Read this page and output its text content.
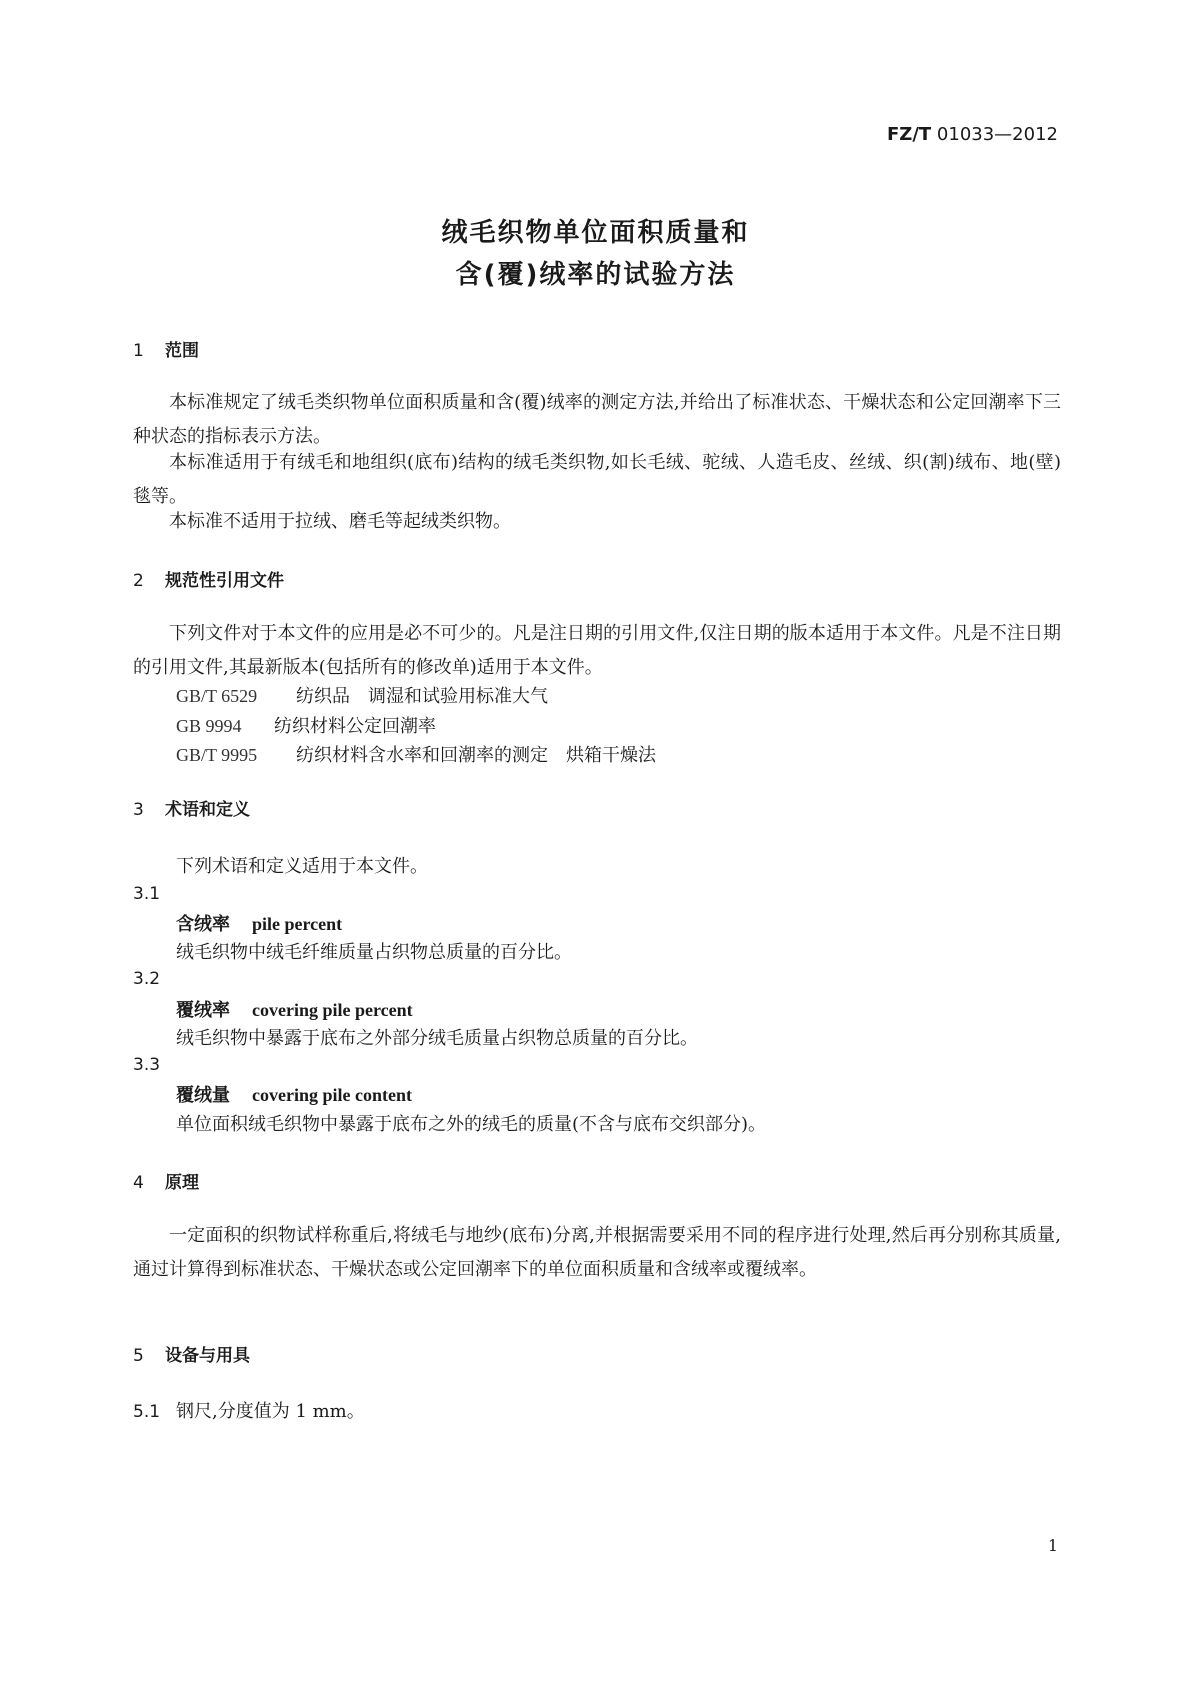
FZ/T 01033—2012
绒毛织物单位面积质量和
含(覆)绒率的试验方法
1 范围
本标准规定了绒毛类织物单位面积质量和含(覆)绒率的测定方法,并给出了标准状态、干燥状态和公定回潮率下三种状态的指标表示方法。
本标准适用于有绒毛和地组织(底布)结构的绒毛类织物,如长毛绒、驼绒、人造毛皮、丝绒、织(割)绒布、地(壁)毯等。
本标准不适用于拉绒、磨毛等起绒类织物。
2 规范性引用文件
下列文件对于本文件的应用是必不可少的。凡是注日期的引用文件,仅注日期的版本适用于本文件。凡是不注日期的引用文件,其最新版本(包括所有的修改单)适用于本文件。
GB/T 6529 纺织品　调湿和试验用标准大气
GB 9994 纺织材料公定回潮率
GB/T 9995 纺织材料含水率和回潮率的测定　烘箱干燥法
3 术语和定义
下列术语和定义适用于本文件。
3.1
含绒率 pile percent
绒毛织物中绒毛纤维质量占织物总质量的百分比。
3.2
覆绒率 covering pile percent
绒毛织物中暴露于底布之外部分绒毛质量占织物总质量的百分比。
3.3
覆绒量 covering pile content
单位面积绒毛织物中暴露于底布之外的绒毛的质量(不含与底布交织部分)。
4 原理
一定面积的织物试样称重后,将绒毛与地纱(底布)分离,并根据需要采用不同的程序进行处理,然后再分别称其质量,通过计算得到标准状态、干燥状态或公定回潮率下的单位面积质量和含绒率或覆绒率。
5 设备与用具
5.1 钢尺,分度值为 1 mm。
1
